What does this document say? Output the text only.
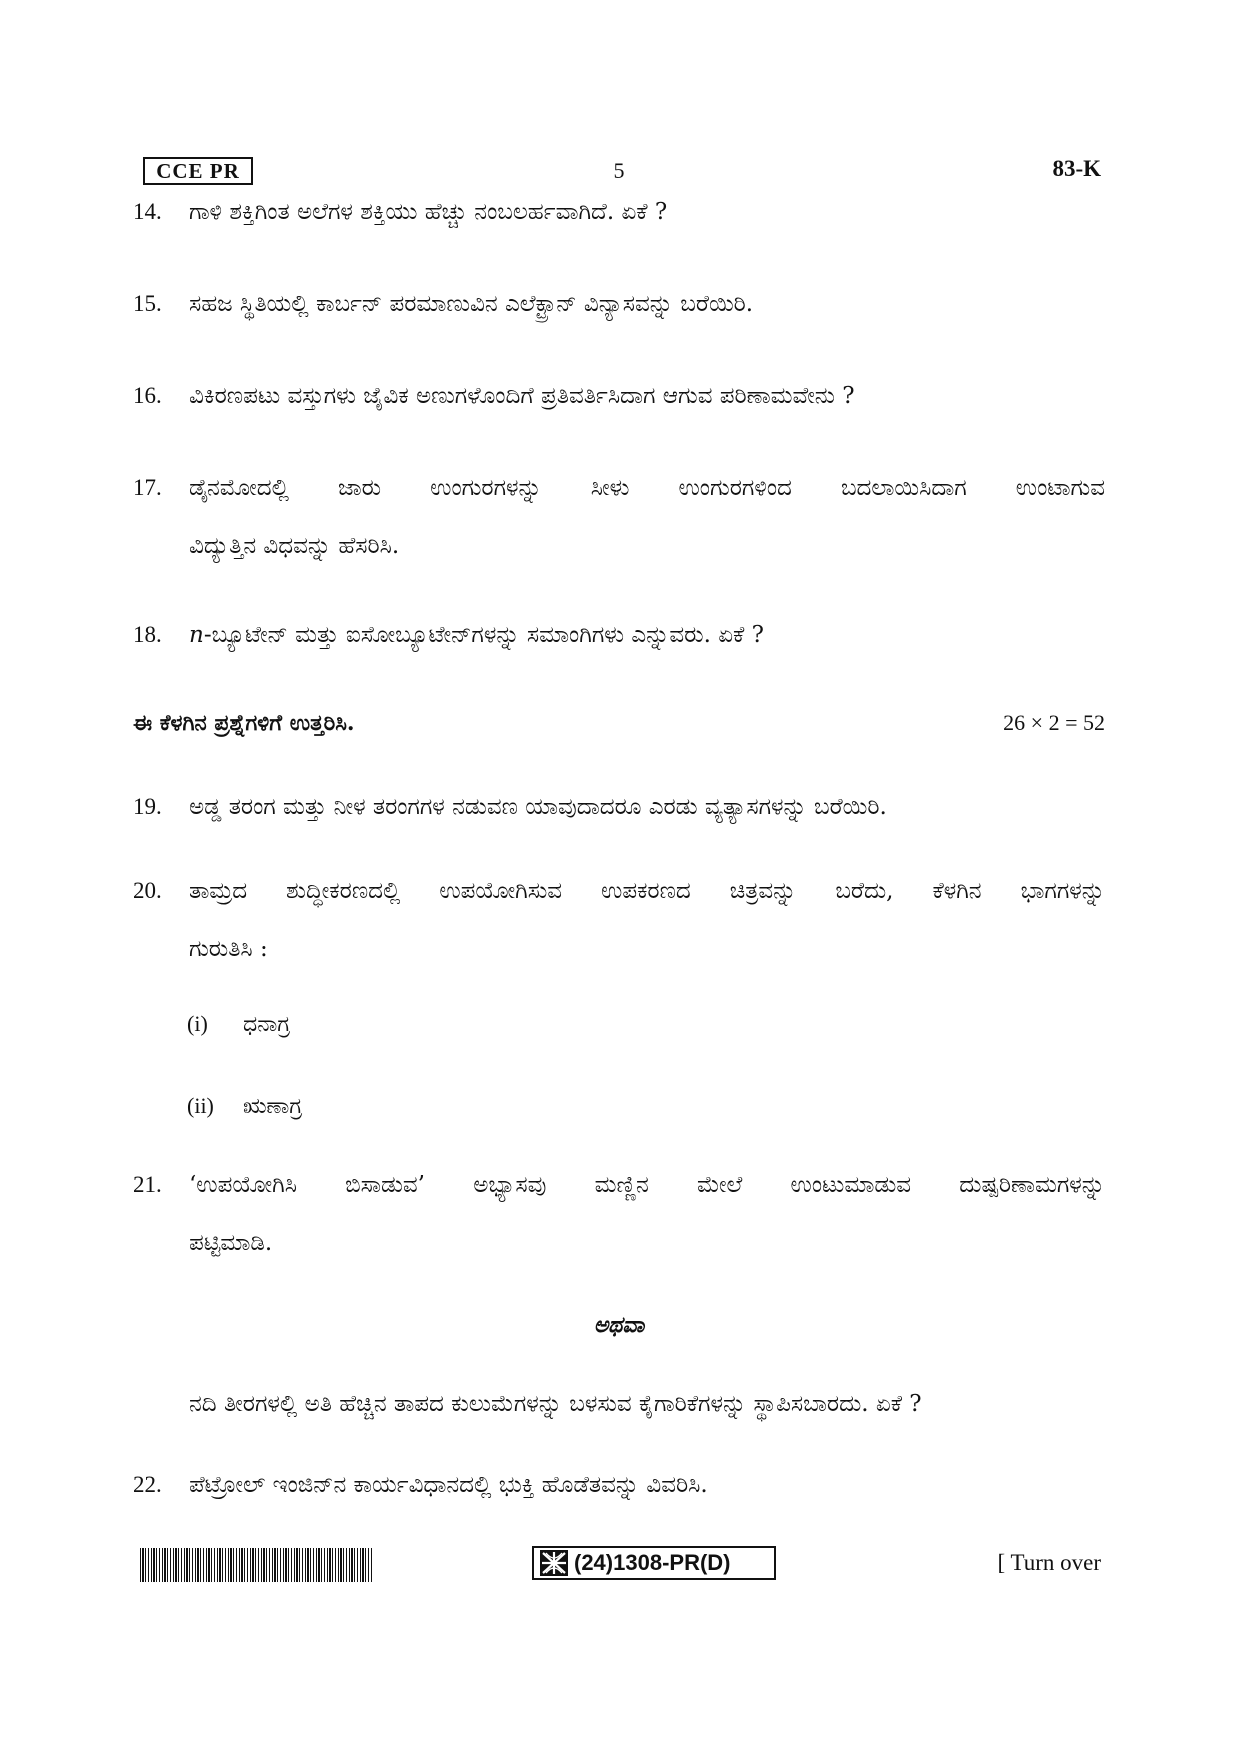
CCE PR	5	83-K
14. ಗಾಳಿ ಶಕ್ತಿಗಿಂತ ಅಲೆಗಳ ಶಕ್ತಿಯು ಹೆಚ್ಚು ನಂಬಲರ್ಹವಾಗಿದೆ. ಏಕೆ ?
15. ಸಹಜ ಸ್ಥಿತಿಯಲ್ಲಿ ಕಾರ್ಬನ್ ಪರಮಾಣುವಿನ ಎಲೆಕ್ಟ್ರಾನ್ ವಿನ್ಯಾಸವನ್ನು ಬರೆಯಿರಿ.
16. ವಿಕಿರಣಪಟು ವಸ್ತುಗಳು ಜೈವಿಕ ಅಣುಗಳೊಂದಿಗೆ ಪ್ರತಿವರ್ತಿಸಿದಾಗ ಆಗುವ ಪರಿಣಾಮವೇನು ?
17. ಡೈನಮೋದಲ್ಲಿ ಜಾರು ಉಂಗುರಗಳನ್ನು ಸೀಳು ಉಂಗುರಗಳಿಂದ ಬದಲಾಯಿಸಿದಾಗ ಉಂಟಾಗುವ
ವಿದ್ಯುತ್ತಿನ ವಿಧವನ್ನು ಹೆಸರಿಸಿ.
18. n-ಬ್ಯೂಟೇನ್ ಮತ್ತು ಐಸೋಬ್ಯೂಟೇನ್‌ಗಳನ್ನು ಸಮಾಂಗಿಗಳು ಎನ್ನುವರು. ಏಕೆ ?
ಈ ಕೆಳಗಿನ ಪ್ರಶ್ನೆಗಳಿಗೆ ಉತ್ತರಿಸಿ.	26 × 2 = 52
19. ಅಡ್ಡ ತರಂಗ ಮತ್ತು ನೀಳ ತರಂಗಗಳ ನಡುವಣ ಯಾವುದಾದರೂ ಎರಡು ವ್ಯತ್ಯಾಸಗಳನ್ನು ಬರೆಯಿರಿ.
20. ತಾಮ್ರದ ಶುದ್ಧೀಕರಣದಲ್ಲಿ ಉಪಯೋಗಿಸುವ ಉಪಕರಣದ ಚಿತ್ರವನ್ನು ಬರೆದು, ಕೆಳಗಿನ ಭಾಗಗಳನ್ನು
ಗುರುತಿಸಿ :
(i) ಧನಾಗ್ರ
(ii) ಋಣಾಗ್ರ
21. ‘ಉಪಯೋಗಿಸಿ ಬಿಸಾಡುವ’ ಅಭ್ಯಾಸವು ಮಣ್ಣಿನ ಮೇಲೆ ಉಂಟುಮಾಡುವ ದುಷ್ಪರಿಣಾಮಗಳನ್ನು
ಪಟ್ಟಿಮಾಡಿ.
ಅಥವಾ
ನದಿ ತೀರಗಳಲ್ಲಿ ಅತಿ ಹೆಚ್ಚಿನ ತಾಪದ ಕುಲುಮೆಗಳನ್ನು ಬಳಸುವ ಕೈಗಾರಿಕೆಗಳನ್ನು ಸ್ಥಾಪಿಸಬಾರದು. ಏಕೆ ?
22. ಪೆಟ್ರೋಲ್ ಇಂಜಿನ್‌ನ ಕಾರ್ಯವಿಧಾನದಲ್ಲಿ ಭುಕ್ತಿ ಹೊಡೆತವನ್ನು ವಿವರಿಸಿ.
(24)1308-PR(D)	[ Turn over
